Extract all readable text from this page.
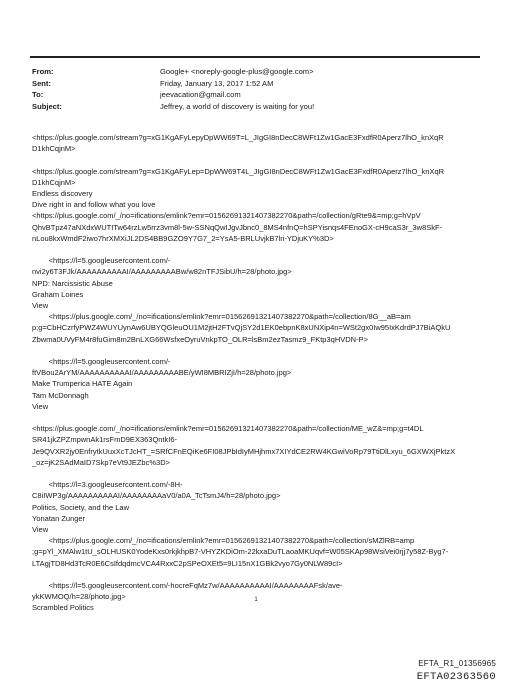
From:	Google+ <noreply-google-plus@google.com>
Sent:	Friday, January 13, 2017 1:52 AM
To:	jeevacation@gmail.com
Subject:	Jeffrey, a world of discovery is waiting for you!
<https://plus.google.com/stream?g=xG1KgAFyLepyDpWW69T=L_JIgGI8nDecC8WFt1Zw1GacE3FxdfR0Aperz7lhO_knXqR
D1khCqjnM>
<https://plus.google.com/stream?g=xG1KgAFyLep=DpWW69T4L_JIgGI8nDecC8WFt1Zw1GacE3FxdfR0Aperz7lhO_knXqR
D1khCqjnM>
Endless discovery
Dive right in and follow what you love
<https://plus.google.com/_/no=ifications/emlink?emr=01562691321407382270&path=/collection/gRte9&=mp;g=hVpV
QhvBTpz47aNXdxWUTITw64rzLw5rrz3vm8l-5w-SSNqQwIJgvJbnc0_8MS4nfnQ=hSPYisnqs4FEnoGX-cH9caS3r_3w8SkF-
nLou8kxWmdF2iwo7hrXMXiJL2DS4BB9GZO9Y7G7_2=YsA5-BRLUvjkB7lri-YDjuKY%3D>
<https://l=5.googleusercontent.com/-
nvi2y6T3FJk/AAAAAAAAAAI/AAAAAAAAABw/w82nTFJSibU/h=28/photo.jpg>
NPD: Narcissistic Abuse
Graham Loines
View
<https://plus.google.com/_/no=ifications/emlink?emr=01562691321407382270&path=/collection/8G__aB=am
p;g=CbHCzrfyPWZ4WUYUynAw6UBYQGleuOU1M2jtH2FTvQjSY2d1EK0ebpnK8xUNXip4n=WSt2gx0Iw95IxKdrdPJ7BiAQkU
Zbwma0UVyFM4r8fuGim8m2BnLXG66WsfxeOyruVnkpTO_OLR=lsBm2ezTasmz9_FKtp3qHVDN-P>
<https://l=5.googleusercontent.com/-
ftVBou2ArYM/AAAAAAAAAAI/AAAAAAAAABE/yWI8MBRIZjI/h=28/photo.jpg>
Make Trumperica HATE Again
Tam McDonnagh
View
<https://plus.google.com/_/no=ifications/emlink?emr=01562691321407382270&path=/collection/ME_wZ&=mp;g=t4DL
SR41jkZPZmpwnAk1rsFmD9EX363QntkI6-
Je9QVXR2jy0EnfrytkUuxXcTJcHT_=SRfCFnEQiKe6FI08JPbIdIyMHjhmx7XIYdCE2RW4KGwiVoRp79TtiDlLxyu_6GXWXjPktzX
_oz=jK2SAdMaID7Skp7eVt9JEZbc%3D>
<https://l=3.googleusercontent.com/-8H-
C8iIWP3g/AAAAAAAAAAI/AAAAAAAAaV0/a0A_TcTsmJ4/h=28/photo.jpg>
Politics, Society, and the Law
Yonatan Zunger
View
<https://plus.google.com/_/no=ifications/emlink?emr=01562691321407382270&path=/collection/sMZlRB=amp
;g=pYl_XMAlw1tU_sOLHUSK0YodeKxs0rkjkhpB7-VHYZKDiOm-22kxaDuTLaoaMKUqvf=W05SKAp98WsiVei0rjj7y58Z-Byg7-
LTAgjTD8Hd3TcR0E6CsIfdqdmcVCA4RxxC2pSPeOXEt5=9LI15nX1GBk2vyo7Gy0NLW89cI>
<https://l=5.googleusercontent.com/-hocreFqMz7w/AAAAAAAAAAI/AAAAAAAAFsk/ave-
ykKWMOQ/h=28/photo.jpg>
Scrambled Politics
1
EFTA_R1_01356965
EFTA02363560
